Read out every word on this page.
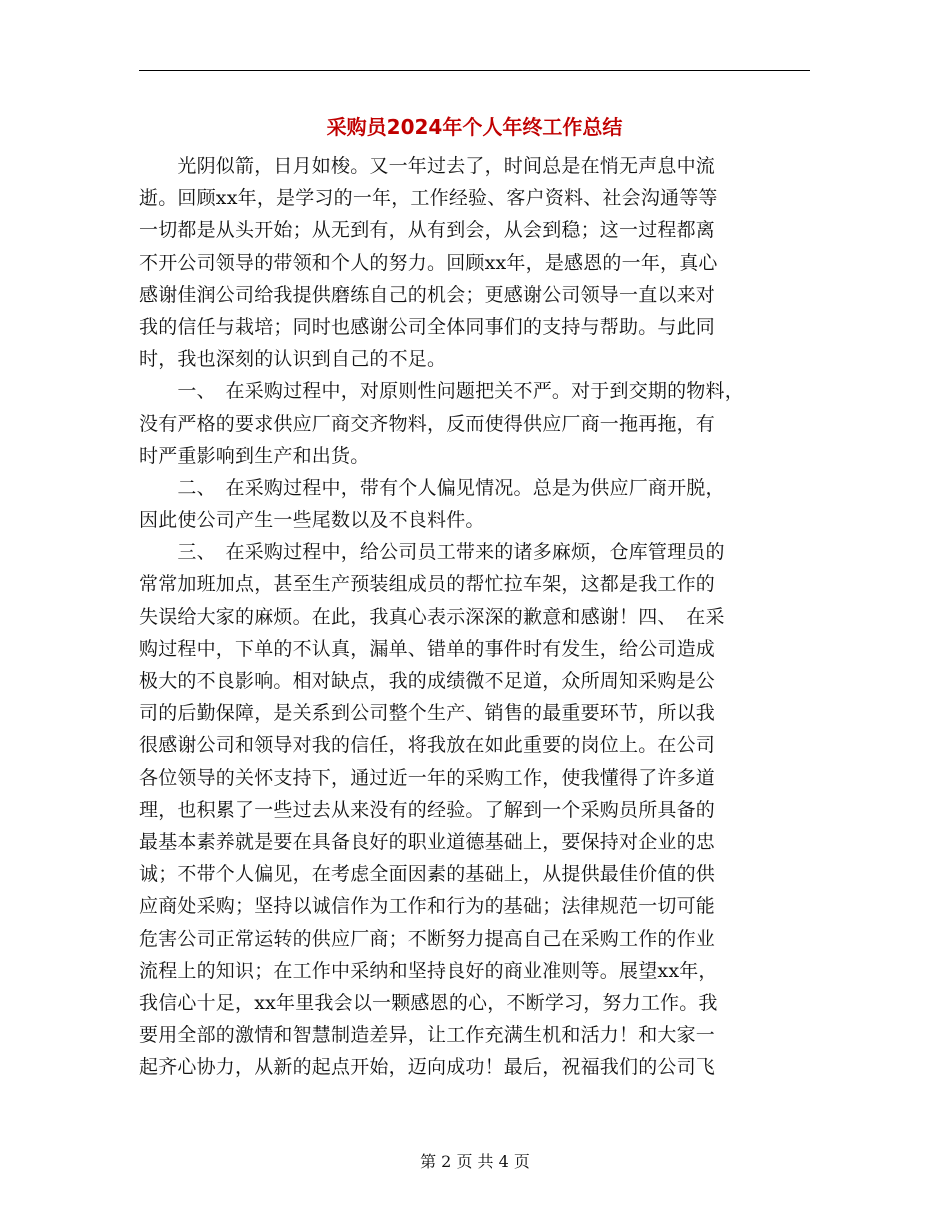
采购员2024年个人年终工作总结
　　光阴似箭，日月如梭。又一年过去了，时间总是在悄无声息中流
逝。回顾xx年，是学习的一年，工作经验、客户资料、社会沟通等等
一切都是从头开始；从无到有，从有到会，从会到稳；这一过程都离
不开公司领导的带领和个人的努力。回顾xx年，是感恩的一年，真心
感谢佳润公司给我提供磨练自己的机会；更感谢公司领导一直以来对
我的信任与栽培；同时也感谢公司全体同事们的支持与帮助。与此同
时，我也深刻的认识到自己的不足。
　　一、　在采购过程中，对原则性问题把关不严。对于到交期的物料，
没有严格的要求供应厂商交齐物料，反而使得供应厂商一拖再拖，有
时严重影响到生产和出货。
　　二、　在采购过程中，带有个人偏见情况。总是为供应厂商开脱，
因此使公司产生一些尾数以及不良料件。
　　三、　在采购过程中，给公司员工带来的诸多麻烦，仓库管理员的
常常加班加点，甚至生产预装组成员的帮忙拉车架，这都是我工作的
失误给大家的麻烦。在此，我真心表示深深的歉意和感谢！四、　在采
购过程中，下单的不认真，漏单、错单的事件时有发生，给公司造成
极大的不良影响。相对缺点，我的成绩微不足道，众所周知采购是公
司的后勤保障，是关系到公司整个生产、销售的最重要环节，所以我
很感谢公司和领导对我的信任，将我放在如此重要的岗位上。在公司
各位领导的关怀支持下，通过近一年的采购工作，使我懂得了许多道
理，也积累了一些过去从来没有的经验。了解到一个采购员所具备的
最基本素养就是要在具备良好的职业道德基础上，要保持对企业的忠
诚；不带个人偏见，在考虑全面因素的基础上，从提供最佳价值的供
应商处采购；坚持以诚信作为工作和行为的基础；法律规范一切可能
危害公司正常运转的供应厂商；不断努力提高自己在采购工作的作业
流程上的知识；在工作中采纳和坚持良好的商业准则等。展望xx年，
我信心十足，xx年里我会以一颗感恩的心，不断学习，努力工作。我
要用全部的激情和智慧制造差异，让工作充满生机和活力！和大家一
起齐心协力，从新的起点开始，迈向成功！最后，祝福我们的公司飞
第 2 页 共 4 页
